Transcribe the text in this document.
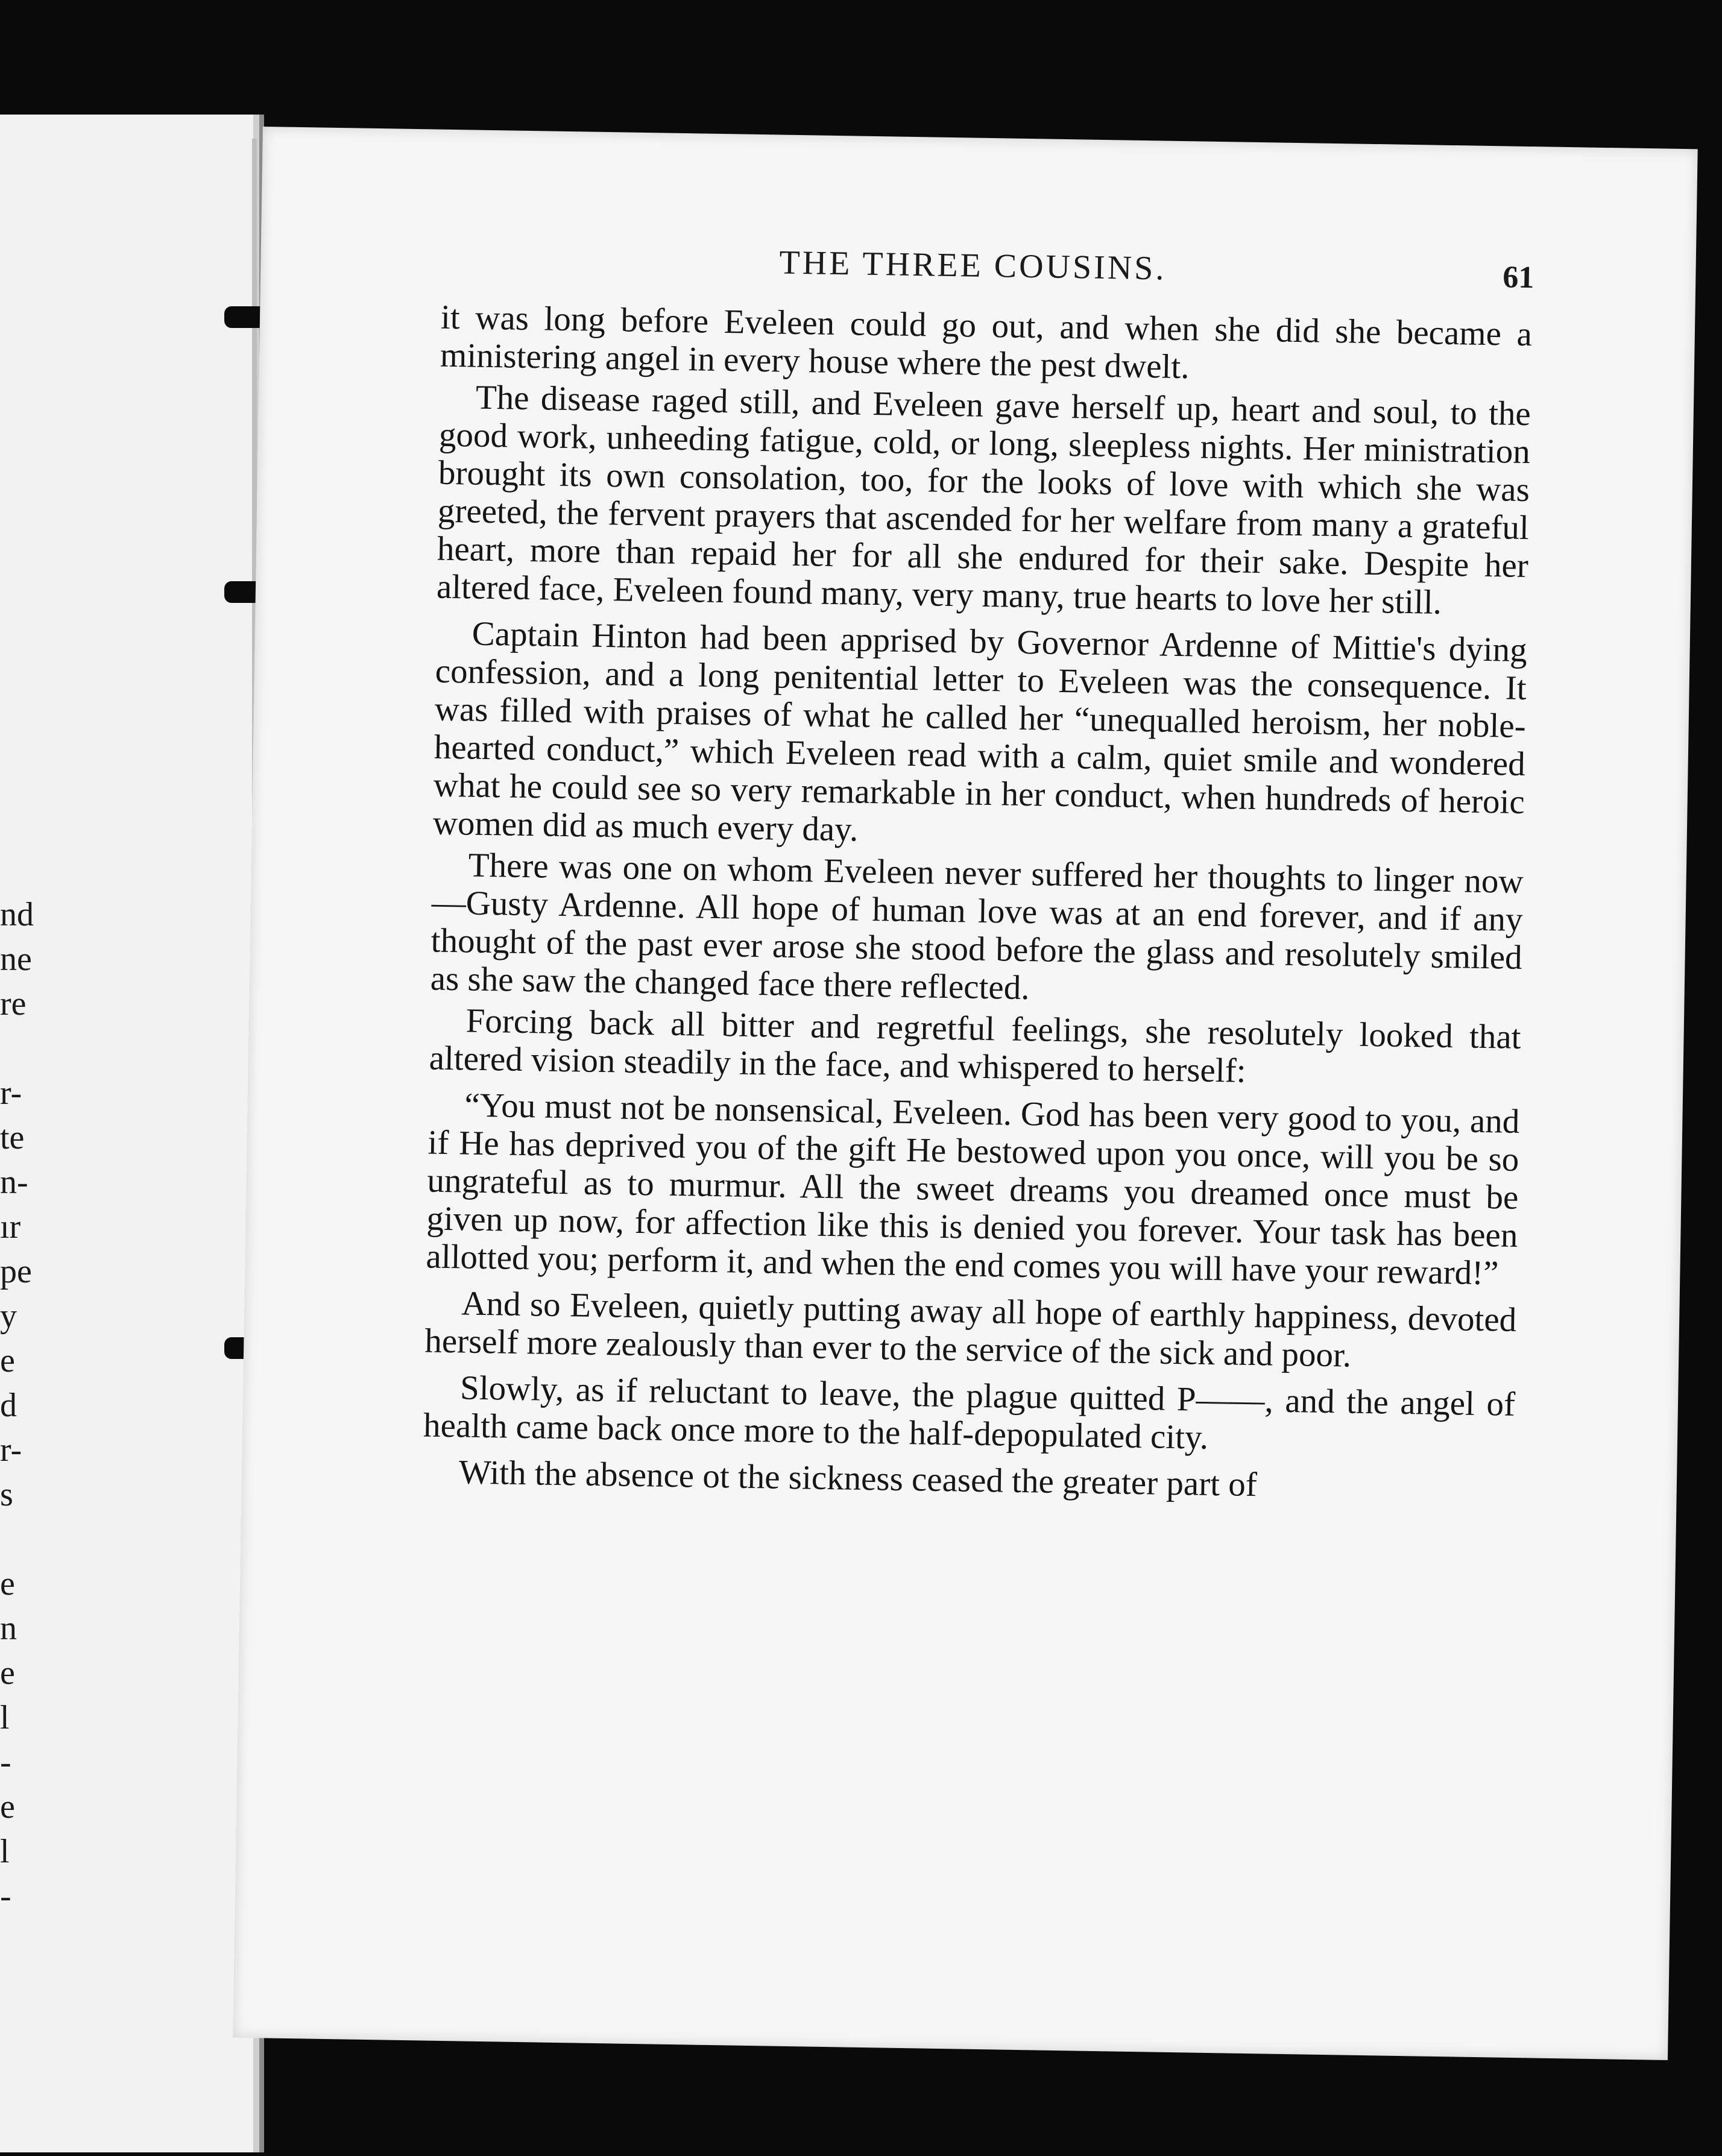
nd
ne
re

r-
te
n-
ır
pe
y
e
d
r-
s

e
n
e
l
-
e
l
-
THE THREE COUSINS.	61

it was long before Eveleen could go out, and when she did she became a ministering angel in every house where the pest dwelt.

The disease raged still, and Eveleen gave herself up, heart and soul, to the good work, unheeding fatigue, cold, or long, sleepless nights. Her ministration brought its own consolation, too, for the looks of love with which she was greeted, the fervent prayers that ascended for her welfare from many a grateful heart, more than repaid her for all she endured for their sake. Despite her altered face, Eveleen found many, very many, true hearts to love her still.

Captain Hinton had been apprised by Governor Ardenne of Mittie's dying confession, and a long penitential letter to Eveleen was the consequence. It was filled with praises of what he called her “unequalled heroism, her noble-hearted conduct,” which Eveleen read with a calm, quiet smile and wondered what he could see so very remarkable in her conduct, when hundreds of heroic women did as much every day.

There was one on whom Eveleen never suffered her thoughts to linger now—Gusty Ardenne. All hope of human love was at an end forever, and if any thought of the past ever arose she stood before the glass and resolutely smiled as she saw the changed face there reflected.

Forcing back all bitter and regretful feelings, she resolutely looked that altered vision steadily in the face, and whispered to herself:

“You must not be nonsensical, Eveleen. God has been very good to you, and if He has deprived you of the gift He bestowed upon you once, will you be so ungrateful as to murmur. All the sweet dreams you dreamed once must be given up now, for affection like this is denied you forever. Your task has been allotted you; perform it, and when the end comes you will have your reward!”

And so Eveleen, quietly putting away all hope of earthly happiness, devoted herself more zealously than ever to the service of the sick and poor.

Slowly, as if reluctant to leave, the plague quitted P——, and the angel of health came back once more to the half-depopulated city.

With the absence ot the sickness ceased the greater part of
